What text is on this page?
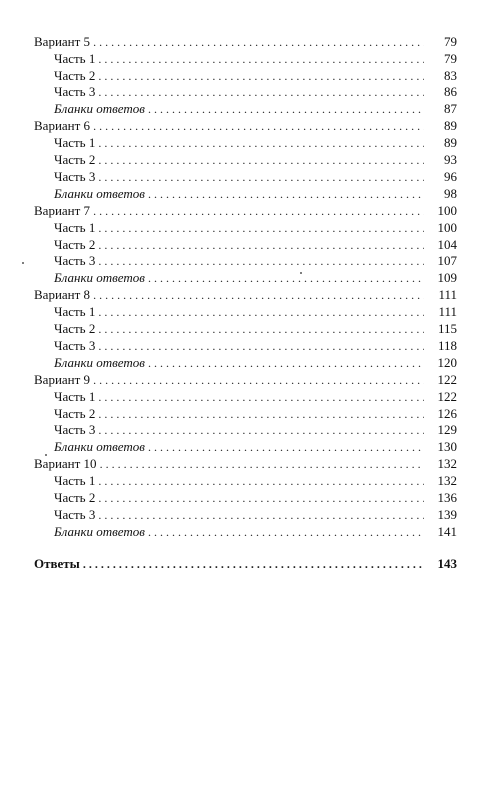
Вариант 5 . . .	79
Часть 1 . . .	79
Часть 2 . . .	83
Часть 3 . . .	86
Бланки ответов . . .	87
Вариант 6 . . .	89
Часть 1 . . .	89
Часть 2 . . .	93
Часть 3 . . .	96
Бланки ответов . . .	98
Вариант 7 . . .	100
Часть 1 . . .	100
Часть 2 . . .	104
Часть 3 . . .	107
Бланки ответов . . .	109
Вариант 8 . . .	111
Часть 1 . . .	111
Часть 2 . . .	115
Часть 3 . . .	118
Бланки ответов . . .	120
Вариант 9 . . .	122
Часть 1 . . .	122
Часть 2 . . .	126
Часть 3 . . .	129
Бланки ответов . . .	130
Вариант 10 . . .	132
Часть 1 . . .	132
Часть 2 . . .	136
Часть 3 . . .	139
Бланки ответов . . .	141
Ответы . . .	143
